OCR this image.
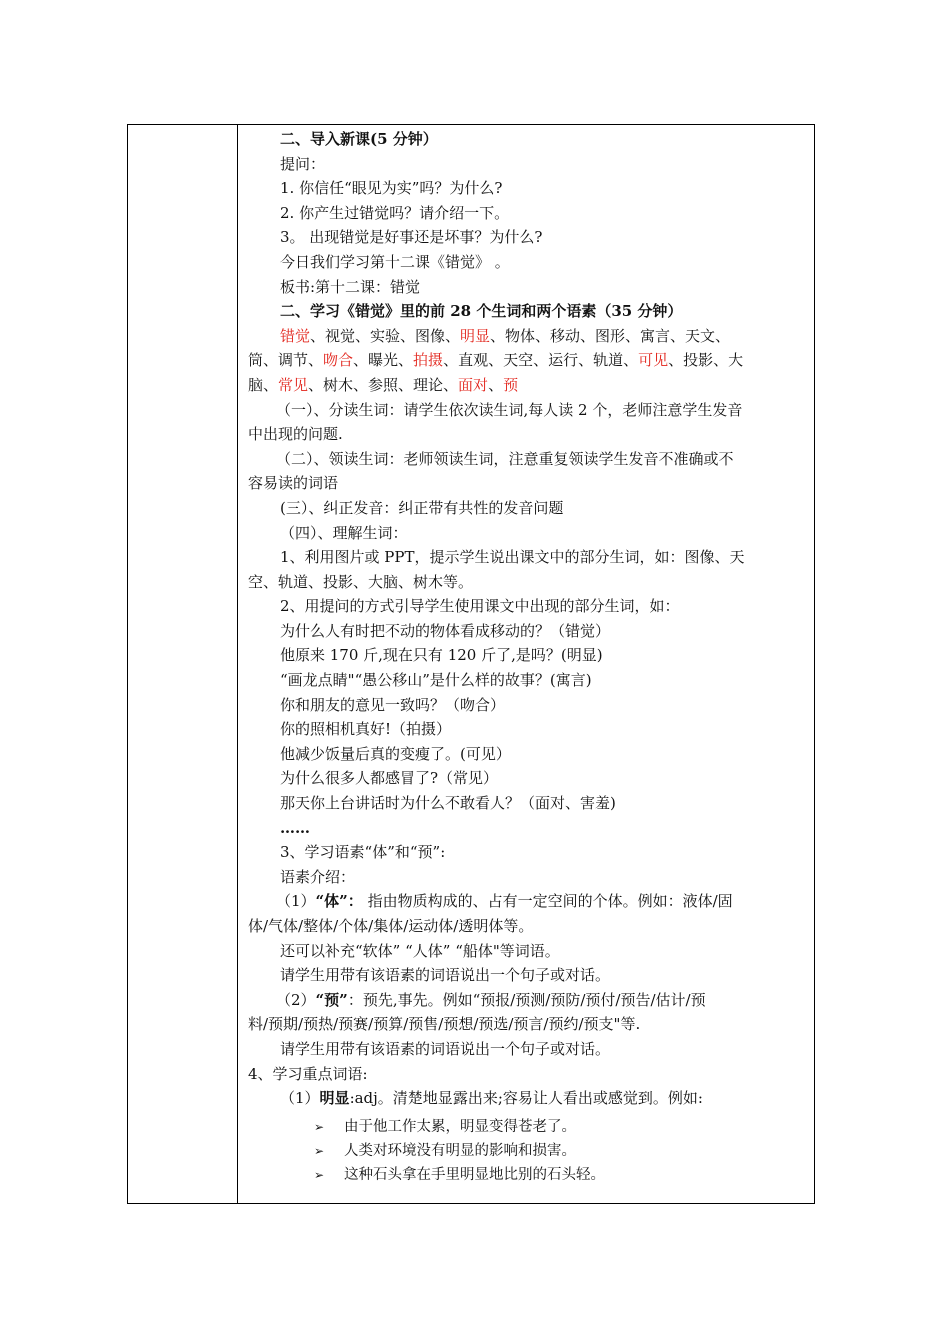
二、导入新课(5 分钟）
提问：
1. 你信任“眼见为实”吗？为什么?
2. 你产生过错觉吗？请介绍一下。
3。 出现错觉是好事还是坏事？为什么?
今日我们学习第十二课《错觉》 。
板书:第十二课：错觉
二、学习《错觉》里的前 28 个生词和两个语素（35 分钟）
错觉、视觉、实验、图像、明显、物体、移动、图形、寓言、天文、
筒、调节、吻合、曝光、拍摄、直观、天空、运行、轨道、可见、投影、大
脑、常见、树木、参照、理论、面对、预
（一）、分读生词：请学生依次读生词,每人读 2 个，老师注意学生发音
中出现的问题.
（二）、领读生词：老师领读生词，注意重复领读学生发音不准确或不
容易读的词语
(三）、纠正发音：纠正带有共性的发音问题
（四）、理解生词：
1、利用图片或 PPT，提示学生说出课文中的部分生词，如：图像、天
空、轨道、投影、大脑、树木等。
2、用提问的方式引导学生使用课文中出现的部分生词，如：
为什么人有时把不动的物体看成移动的？（错觉）
他原来 170 斤,现在只有 120 斤了,是吗？(明显)
“画龙点睛"“愚公移山”是什么样的故事？(寓言)
你和朋友的意见一致吗？（吻合）
你的照相机真好!（拍摄）
他减少饭量后真的变瘦了。(可见）
为什么很多人都感冒了?（常见）
那天你上台讲话时为什么不敢看人？（面对、害羞)
……
3、学习语素“体”和“预”:
语素介绍：
（1）“体”： 指由物质构成的、占有一定空间的个体。例如：液体/固
体/气体/整体/个体/集体/运动体/透明体等。
还可以补充“软体” “人体” “船体"等词语。
请学生用带有该语素的词语说出一个句子或对话。
（2）“预”：预先,事先。例如“预报/预测/预防/预付/预告/估计/预
料/预期/预热/预赛/预算/预售/预想/预选/预言/预约/预支"等.
请学生用带有该语素的词语说出一个句子或对话。
4、学习重点词语:
（1）明显:adj。清楚地显露出来;容易让人看出或感觉到。例如:
➢ 由于他工作太累，明显变得苍老了。
➢ 人类对环境没有明显的影响和损害。
➢ 这种石头拿在手里明显地比别的石头轻。
